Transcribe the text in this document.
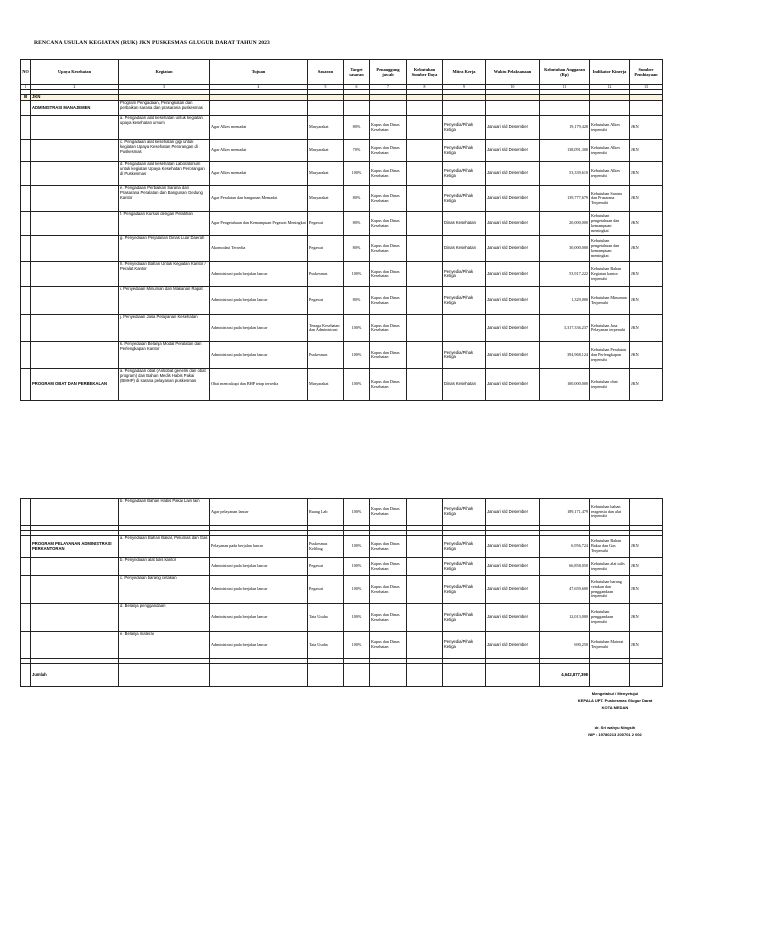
RENCANA USULAN KEGIATAN (RUK) JKN PUSKESMAS GLUGUR DARAT TAHUN 2023
NO	Upaya Kesehatan	Kegiatan	Tujuan	Sasaran	Target sasaran	Penanggung jawab	Kebutuhan Sumber Daya	Mitra Kerja	Waktu Pelaksanaan	Kebutuhan Anggaran (Rp)	Indikator Kinerja	Sumber Pembiayaan
1	2	3	4	5	6	7	8	9	10	11	12	13

III	JKN											
	ADMINISTRASI MANAJEMEN	Program Pengadaan, Peningkatan dan perbaikan sarana dan prasarana puskesmas										
		a. Pengadaan alat kesehatan untuk kegiatan upaya kesehatan umum	Agar Alkes memadai	Masyarakat	80%	Kapus dan Dinas Kesehatan		Penyedia/Pihak Ketiga	Januari s/d Desember	19,179,428	Kebutuhan Alkes terpenuhi	JKN
		c. Pengadaan alat kesehatan gigi untuk kegiatan Upaya Kesehatan Perorangan di Puskesmas	Agar Alkes memadai	Masyarakat	70%	Kapus dan Dinas Kesehatan		Penyedia/Pihak Ketiga	Januari s/d Desember	138,091,300	Kebutuhan Alkes terpenuhi	JKN
		d. Pengadaan alat kesehatan Laboratorium untuk kegiatan Upaya Kesehatan Perorangan di Puskesmas	Agar Alkes memadai	Masyarakat	100%	Kapus dan Dinas Kesehatan		Penyedia/Pihak Ketiga	Januari s/d Desember	53,339,610	Kebutuhan Alkes terpenuhi	JKN
		e. Pengadaan Perbaikan Sarana dan Prasarana Peralatan dan Bangunan Gedung Kantor	Agar Peralatan dan bangunan Memadai	Masyarakat	80%	Kapus dan Dinas Kesehatan		Penyedia/Pihak Ketiga	Januari s/d Desember	139,777,679	Kebutuhan Sarana dan Prasarana Terpenuhi	JKN
		f. Pengadaan Kursus dengan Pelatihan	Agar Pengetahuan dan Kemampuan Pegawai Meningkat	Pegawai	80%	Kapus dan Dinas Kesehatan		Dinas Kesehatan	Januari s/d Desember	20,000,000	Kebutuhan pengetahuan dan kemampuan meningkat	JKN
		g. Penyediaan Perjalanan Dinas Luar Daerah	Akomodasi Tersedia	Pegawai	80%	Kapus dan Dinas Kesehatan		Dinas Kesehatan	Januari s/d Desember	30,000,000	Kebutuhan pengetahuan dan kemampuan meningkat	JKN
		h. Penyediaan Bahan Untuk Kegiatan Kantor / Peralat Kantor	Administrasi pada berjalan lancar	Puskesmas	100%	Kapus dan Dinas Kesehatan		Penyedia/Pihak Ketiga	Januari s/d Desember	53,917,222	Kebutuhan Bahan Kegiatan kantor terpenuhi	JKN
		i. Penyediaan Minuman dan Makanan Rapat	Administrasi pada berjalan lancar	Pegawai	80%	Kapus dan Dinas Kesehatan		Penyedia/Pihak Ketiga	Januari s/d Desember	1,329,000	Kebutuhan Minuman Terpenuhi	JKN
		j. Penyediaan Jasa Pelayanan Kesehatan	Administrasi pada berjalan lancar	Tenaga Kesehatan dan Administrasi	100%	Kapus dan Dinas Kesehatan			Januari s/d Desember	3,317,336,237	Kebutuhan Jasa Pelayanan terpenuhi	JKN
		k. Penyediaan Belanja Modal Peralatan dan Perlengkapan Kantor	Administrasi pada berjalan lancar	Puskesmas	100%	Kapus dan Dinas Kesehatan		Penyedia/Pihak Ketiga	Januari s/d Desember	394,968,124	Kebutuhan Peralatan dan Perlengkapan terpenuhi	JKN
	PROGRAM OBAT DAN PERBEKALAN	a. Pengadaan obat (Antiobat generik dan obat program) dan Bahan Medis Habis Pakai (BMHP) di sarana pelayanan puskesmas	Obat mencukupi dan BHP tetap tersedia	Masyarakat	100%	Kapus dan Dinas Kesehatan		Dinas Kesehatan	Januari s/d Desember	100,000,000	Kebutuhan obat terpenuhi	JKN
		b. Pengadaan Bahan Habis Pakai Lain lain	Agar pelayanan lancar	Ruang Lab	100%	Kapus dan Dinas Kesehatan		Penyedia/Pihak Ketiga	Januari s/d Desember	189,171,479	Kebutuhan bahan reagensia dan alat terpenuhi	

	PROGRAM PELAYANAN ADMINISTRASI PERKANTORAN	a. Penyediaan Bahan Bakar, Pelumas dan Gas	Pelayanan pada berjalan lancar	Puskesmas Keliling	100%	Kapus dan Dinas Kesehatan		Penyedia/Pihak Ketiga	Januari s/d Desember	6,956,724	Kebutuhan Bahan Bakar dan Gas Terpenuhi	JKN
		b. Penyediaan alat tulis kantor	Administrasi pada berjalan lancar	Pegawai	100%	Kapus dan Dinas Kesehatan		Penyedia/Pihak Ketiga	Januari s/d Desember	66,858,050	Kebutuhan alat tulis terpenuhi	JKN
		c. Penyediaan barang cetakan	Administrasi pada berjalan lancar	Pegawai	100%	Kapus dan Dinas Kesehatan		Penyedia/Pihak Ketiga	Januari s/d Desember	47,659,600	Kebutuhan barang cetakan dan penggandaan terpenuhi	JKN
		d. Belanja penggandaan	Administrasi pada berjalan lancar	Tata Usaha	100%	Kapus dan Dinas Kesehatan		Penyedia/Pihak Ketiga	Januari s/d Desember	12,013,000	Kebutuhan penggandaan terpenuhi	JKN
		e. Belanja materai	Administrasi pada berjalan lancar	Tata Usaha	100%	Kapus dan Dinas Kesehatan		Penyedia/Pihak Ketiga	Januari s/d Desember	690,250	Kebutuhan Materai Terpenuhi	JKN

	Jumlah									4,642,877,398		
Mengetahui / Menyetujui
KEPALA UPT. Puskesmas Glugur Darat
KOTA MEDAN
dr. Sri wahyu Ningsih
NIP : 19780213 200701 2 002
